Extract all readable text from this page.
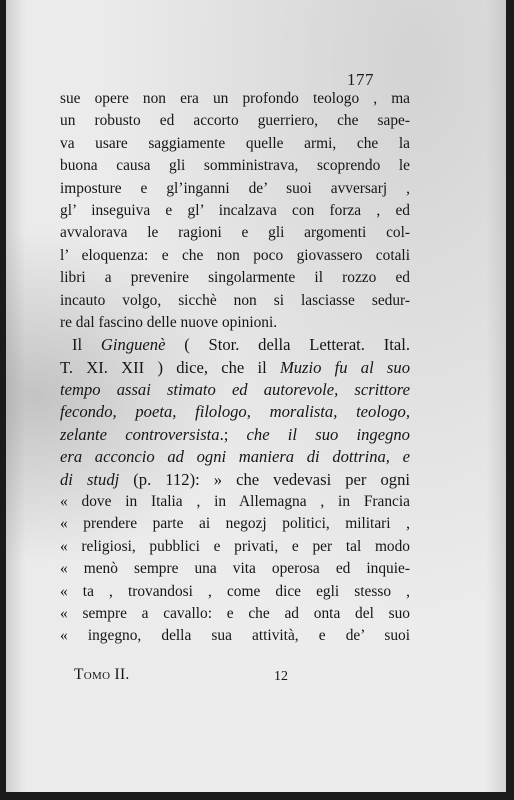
177
sue opere non era un profondo teologo , ma
un robusto ed accorto guerriero, che sape-
va usare saggiamente quelle armi, che la
buona causa gli somministrava, scoprendo le
imposture e gl’inganni de’ suoi avversarj ,
gl’ inseguiva e gl’ incalzava con forza , ed
avvalorava le ragioni e gli argomenti col-
l’ eloquenza: e che non poco giovassero cotali
libri a prevenire singolarmente il rozzo ed
incauto volgo, sicchè non si lasciasse sedur-
re dal fascino delle nuove opinioni.
Il Ginguenè ( Stor. della Letterat. Ital.
T. XI. XII ) dice, che il Muzio fu al suo
tempo assai stimato ed autorevole, scrittore
fecondo, poeta, filologo, moralista, teologo,
zelante controversista.; che il suo ingegno
era acconcio ad ogni maniera di dottrina, e
di studj (p. 112): » che vedevasi per ogni
« dove in Italia , in Allemagna , in Francia
« prendere parte ai negozj politici, militari ,
« religiosi, pubblici e privati, e per tal modo
« menò sempre una vita operosa ed inquie-
« ta , trovandosi , come dice egli stesso ,
« sempre a cavallo: e che ad onta del suo
« ingegno, della sua attività, e de’ suoi
Tomo II.	12
